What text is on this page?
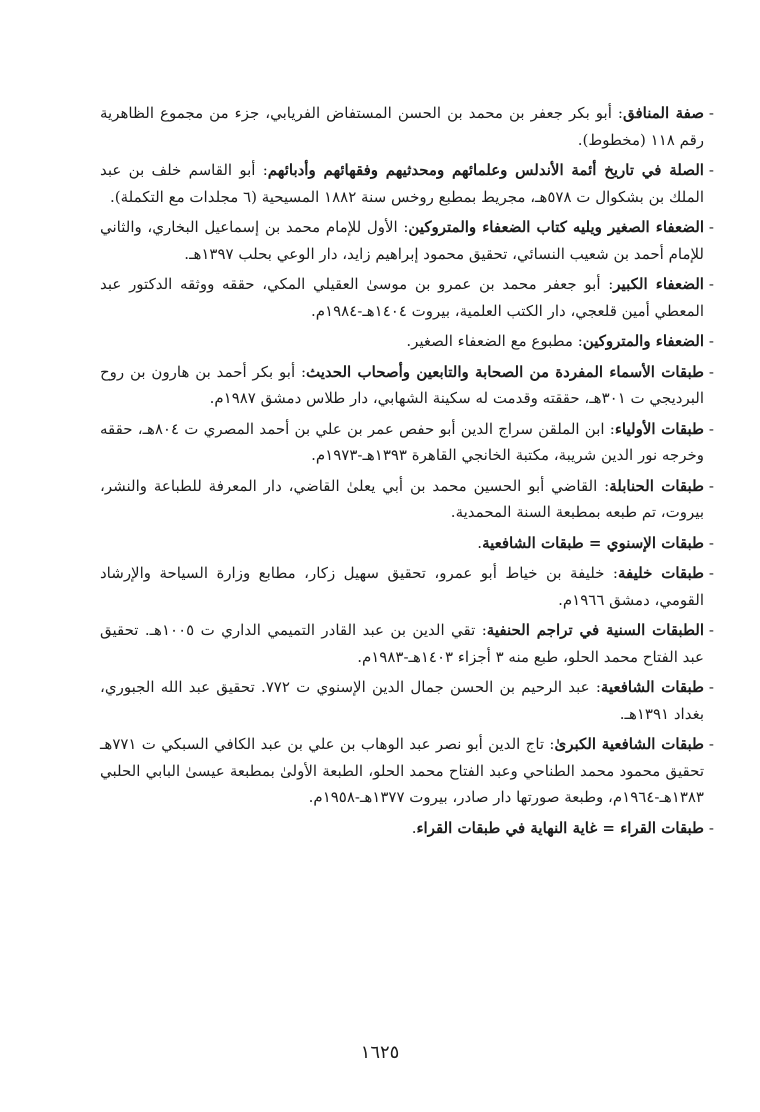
-صفة المنافق: أبو بكر جعفر بن محمد بن الحسن المستفاض الفريابي، جزء من مجموع الظاهرية رقم ١١٨ (مخطوط).

-الصلة في تاريخ أئمة الأندلس وعلمائهم ومحدثيهم وفقهائهم وأدبائهم: أبو القاسم خلف بن عبد الملك بن بشكوال ت ٥٧٨هـ، مجريط بمطبع روخس سنة ١٨٨٢ المسيحية (٦ مجلدات مع التكملة).

-الضعفاء الصغير ويليه كتاب الضعفاء والمتروكين: الأول للإمام محمد بن إسماعيل البخاري، والثاني للإمام أحمد بن شعيب النسائي، تحقيق محمود إبراهيم زايد، دار الوعي بحلب ١٣٩٧هـ.

-الضعفاء الكبير: أبو جعفر محمد بن عمرو بن موسىٰ العقيلي المكي، حققه ووثقه الدكتور عبد المعطي أمين قلعجي، دار الكتب العلمية، بيروت ١٤٠٤هـ-١٩٨٤م.

-الضعفاء والمتروكين: مطبوع مع الضعفاء الصغير.

-طبقات الأسماء المفردة من الصحابة والتابعين وأصحاب الحديث: أبو بكر أحمد بن هارون بن روح البرديجي ت ٣٠١هـ، حققته وقدمت له سكينة الشهابي، دار طلاس دمشق ١٩٨٧م.

-طبقات الأولياء: ابن الملقن سراج الدين أبو حفص عمر بن علي بن أحمد المصري ت ٨٠٤هـ، حققه وخرجه نور الدين شريبة، مكتبة الخانجي القاهرة ١٣٩٣هـ-١٩٧٣م.

-طبقات الحنابلة: القاضي أبو الحسين محمد بن أبي يعلىٰ القاضي، دار المعرفة للطباعة والنشر، بيروت، تم طبعه بمطبعة السنة المحمدية.

-طبقات الإسنوي = طبقات الشافعية.

-طبقات خليفة: خليفة بن خياط أبو عمرو، تحقيق سهيل زكار، مطابع وزارة السياحة والإرشاد القومي، دمشق ١٩٦٦م.

-الطبقات السنية في تراجم الحنفية: تقي الدين بن عبد القادر التميمي الداري ت ١٠٠٥هـ. تحقيق عبد الفتاح محمد الحلو، طبع منه ٣ أجزاء ١٤٠٣هـ-١٩٨٣م.

-طبقات الشافعية: عبد الرحيم بن الحسن جمال الدين الإسنوي ت ٧٧٢. تحقيق عبد الله الجبوري، بغداد ١٣٩١هـ.

-طبقات الشافعية الكبرىٰ: تاج الدين أبو نصر عبد الوهاب بن علي بن عبد الكافي السبكي ت ٧٧١هـ تحقيق محمود محمد الطناحي وعبد الفتاح محمد الحلو، الطبعة الأولىٰ بمطبعة عيسىٰ البابي الحلبي ١٣٨٣هـ-١٩٦٤م، وطبعة صورتها دار صادر، بيروت ١٣٧٧هـ-١٩٥٨م.

-طبقات القراء = غاية النهاية في طبقات القراء.

١٦٢٥
